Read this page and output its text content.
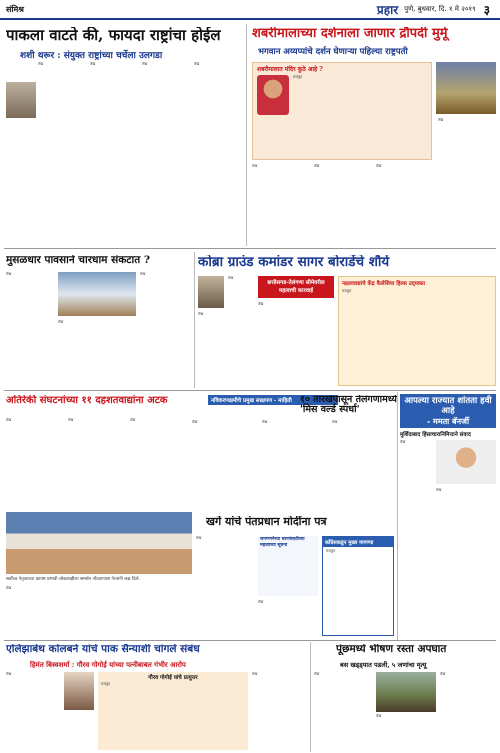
संमिश्र	प्रहार पुणे, बुधवार, दि. १ मे २०१९ ३
पाकला वाटते की, फायदा राष्ट्रांचा होईल
शशी थरूर : संयुक्त राष्ट्रांच्या चर्चेला उलगडा
लेख	लेख	लेख	लेख
शबरीमालाच्या दर्शनाला जाणार द्रौपदी मुर्मू
भगवान अय्यप्पांचे दर्शन घेणाऱ्या पहिल्या राष्ट्रपती
शबरीमालात मंदिर कुठे आहे ?
मजकूर
लेख	लेख	लेख
लेख
मुसळधार पावसाने चारधाम संकटात ?
लेख
लेख
लेख
कोब्रा ग्राउंड कमांडर सागर बोराडेंचे शौर्य
लेख
लेख
छत्तीसगड-तेलंगणा सीमेवरील महत्वाची कारवाई
लेख
नक्षलवाद्यांचे केंद्र कैलेशिया हिल्स उद्ध्वस्त
मजकूर
अतिरेकी संघटनांच्या ११ दहशतवाद्यांना अटक
लेख	लेख	लेख
नविकरणक्षमीचे प्रमुख साक्षपण - माहिती १० तारखेपासून तेलंगणामध्ये 'मिस वर्ल्ड स्पर्धा'
लेख	लेख	लेख
आपल्या राज्यात शांतता हवी आहे
- ममता बॅनर्जी
मुर्शिदाबाद हिंसाचारानिमित्ताने संवाद
लेख
लेख
सर्वोच्च नेतृत्वाच्या कायम प्रभावी लोकशाहीला समर्थन नोंदवण्यास नेत्यांनी लक्ष दिले.
लेख
खर्गे यांचे पंतप्रधान मोदींना पत्र
लेख
लेख
जनगणनेच्या घरणांसाठीच्या महत्वाच्या सूचना	काँग्रेसकडून मुख्य मागण्या
मजकूर
एलिझाबेथ कोलबर्न यांचे पाक सैन्याशी चांगले संबंध
हिमंत बिस्वशर्मा : गौरव गोगोई यांच्या पत्नीबाबत गंभीर आरोप
लेख
गौरव गोगोई यांचे प्रत्युत्तर
मजकूर
लेख
पूंछमध्ये भीषण रस्ता अपघात
बस खड्ड्यात पडली, ५ जणांचा मृत्यू
लेख
लेख
लेख
